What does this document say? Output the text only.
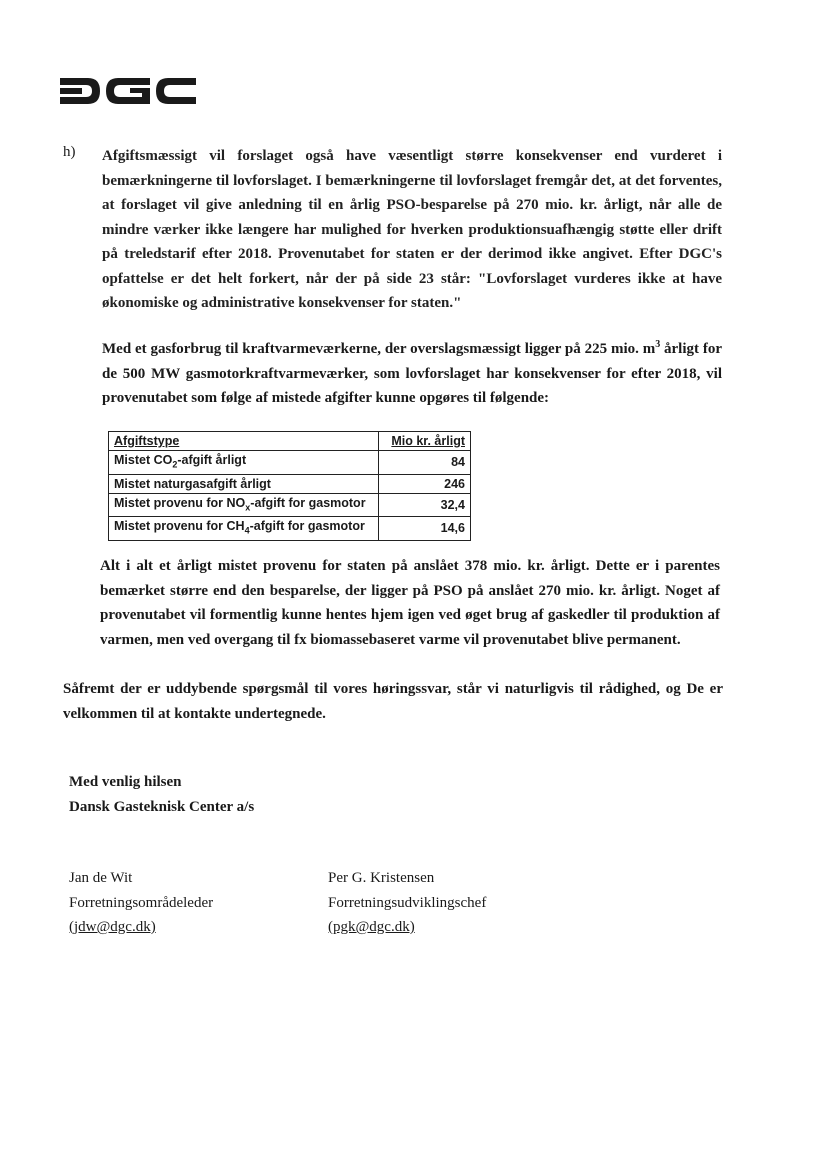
h) Afgiftsmæssigt vil forslaget også have væsentligt større konsekvenser end vurderet i bemærkningerne til lovforslaget. I bemærkningerne til lovforslaget fremgår det, at det forventes, at forslaget vil give anledning til en årlig PSO-besparelse på 270 mio. kr. årligt, når alle de mindre værker ikke længere har mulighed for hverken produktionsuafhængig støtte eller drift på treledstarif efter 2018. Provenutabet for staten er der derimod ikke angivet. Efter DGC's opfattelse er det helt forkert, når der på side 23 står: "Lovforslaget vurderes ikke at have økonomiske og administrative konsekvenser for staten."
Med et gasforbrug til kraftvarmeværkerne, der overslagsmæssigt ligger på 225 mio. $m^3$ årligt for de 500 MW gasmotorkraftvarmeværker, som lovforslaget har konsekvenser for efter 2018, vil provenutabet som følge af mistede afgifter kunne opgøres til følgende:
Afgiftstype	Mio kr. årligt
Mistet $CO_2$-afgift årligt	84
Mistet naturgasafgift årligt	246
Mistet provenu for $NO_x$-afgift for gasmotor	32,4
Mistet provenu for $CH_4$-afgift for gasmotor	14,6
Alt i alt et årligt mistet provenu for staten på anslået 378 mio. kr. årligt. Dette er i parentes bemærket større end den besparelse, der ligger på PSO på anslået 270 mio. kr. årligt. Noget af provenutabet vil formentlig kunne hentes hjem igen ved øget brug af gaskedler til produktion af varmen, men ved overgang til fx biomassebaseret varme vil provenutabet blive permanent.
Såfremt der er uddybende spørgsmål til vores høringssvar, står vi naturligvis til rådighed, og De er velkommen til at kontakte undertegnede.
Med venlig hilsen
Dansk Gasteknisk Center a/s
Jan de Wit
Forretningsområdeleder
(jdw@dgc.dk)
Per G. Kristensen
Forretningsudviklingschef
(pgk@dgc.dk)
